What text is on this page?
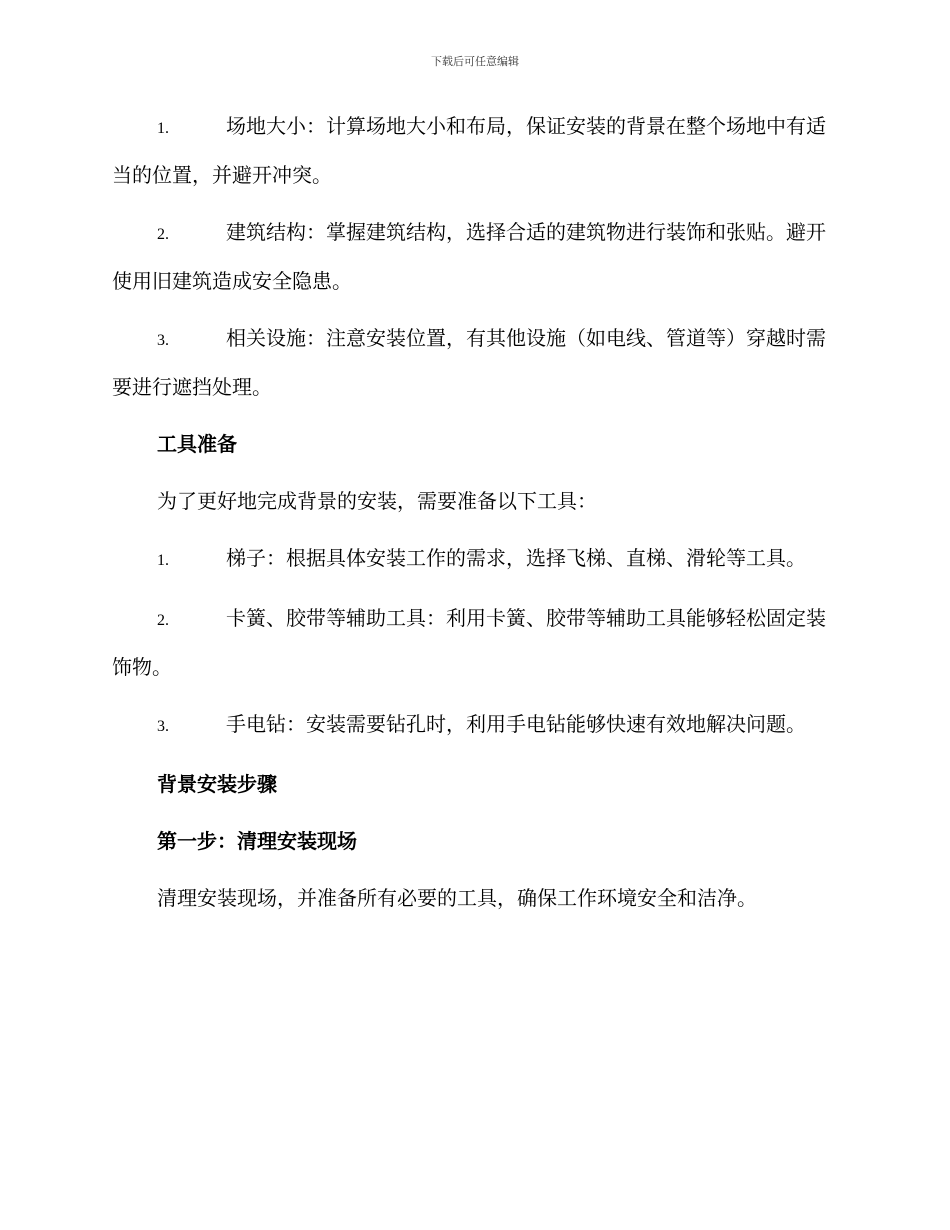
下载后可任意编辑
1.	场地大小：计算场地大小和布局，保证安装的背景在整个场地中有适当的位置，并避开冲突。
2.	建筑结构：掌握建筑结构，选择合适的建筑物进行装饰和张贴。避开使用旧建筑造成安全隐患。
3.	相关设施：注意安装位置，有其他设施（如电线、管道等）穿越时需要进行遮挡处理。
工具准备
为了更好地完成背景的安装，需要准备以下工具：
1.	梯子：根据具体安装工作的需求，选择飞梯、直梯、滑轮等工具。
2.	卡簧、胶带等辅助工具：利用卡簧、胶带等辅助工具能够轻松固定装饰物。
3.	手电钻：安装需要钻孔时，利用手电钻能够快速有效地解决问题。
背景安装步骤
第一步：清理安装现场
清理安装现场，并准备所有必要的工具，确保工作环境安全和洁净。
